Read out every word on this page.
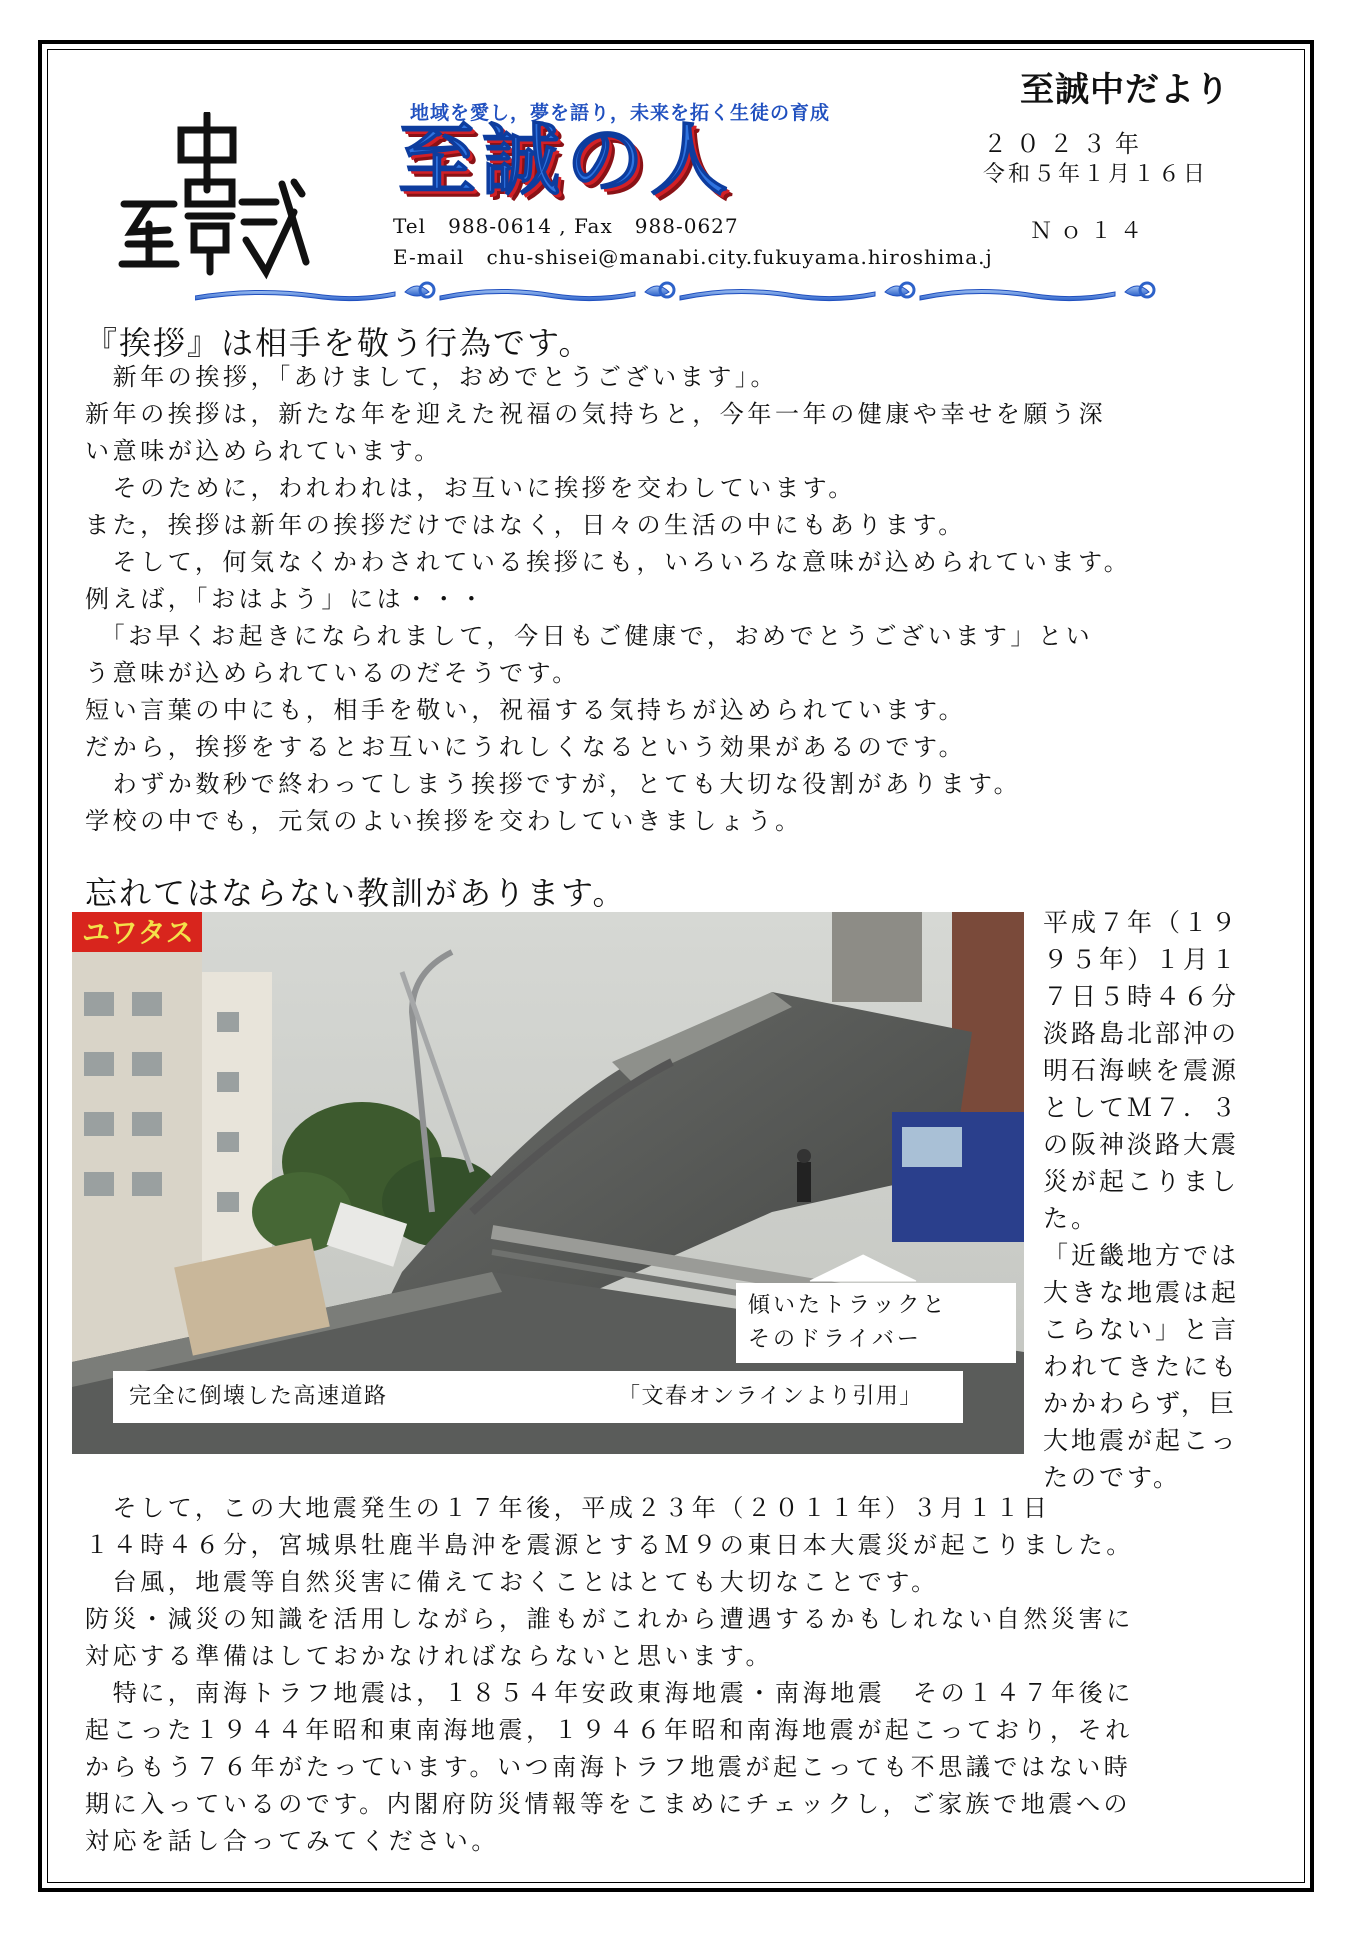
至誠中だより
地域を愛し，夢を語り，未来を拓く生徒の育成
至誠の人	２０２３年
令和５年１月１６日
Tel   988-0614 , Fax   988-0627	Ｎｏ１４
E-mail   chu-shisei@manabi.city.fukuyama.hiroshima.j
『挨拶』は相手を敬う行為です。

　新年の挨拶，「あけまして，おめでとうございます」。

新年の挨拶は，新たな年を迎えた祝福の気持ちと，今年一年の健康や幸せを願う深

い意味が込められています。

　そのために，われわれは，お互いに挨拶を交わしています。

また，挨拶は新年の挨拶だけではなく，日々の生活の中にもあります。

　そして，何気なくかわされている挨拶にも，いろいろな意味が込められています。

例えば，「おはよう」には・・・

　「お早くお起きになられまして，今日もご健康で，おめでとうございます」とい

う意味が込められているのだそうです。

短い言葉の中にも，相手を敬い，祝福する気持ちが込められています。

だから，挨拶をするとお互いにうれしくなるという効果があるのです。

　わずか数秒で終わってしまう挨拶ですが，とても大切な役割があります。

学校の中でも，元気のよい挨拶を交わしていきましょう。

忘れてはならない教訓があります。
ユワタス
傾いたトラックと
そのドライバー
完全に倒壊した高速道路	「文春オンラインより引用」

平成７年（１９

９５年）１月１

７日５時４６分

淡路島北部沖の

明石海峡を震源

としてＭ７．３

の阪神淡路大震

災が起こりまし

た。

「近畿地方では

大きな地震は起

こらない」と言

われてきたにも

かかわらず，巨

大地震が起こっ

たのです。

　そして，この大地震発生の１７年後，平成２３年（２０１１年）３月１１日

１４時４６分，宮城県牡鹿半島沖を震源とするＭ９の東日本大震災が起こりました。

　台風，地震等自然災害に備えておくことはとても大切なことです。

防災・減災の知識を活用しながら，誰もがこれから遭遇するかもしれない自然災害に

対応する準備はしておかなければならないと思います。

　特に，南海トラフ地震は，１８５４年安政東海地震・南海地震　その１４７年後に

起こった１９４４年昭和東南海地震，１９４６年昭和南海地震が起こっており，それ

からもう７６年がたっています。いつ南海トラフ地震が起こっても不思議ではない時

期に入っているのです。内閣府防災情報等をこまめにチェックし，ご家族で地震への

対応を話し合ってみてください。
